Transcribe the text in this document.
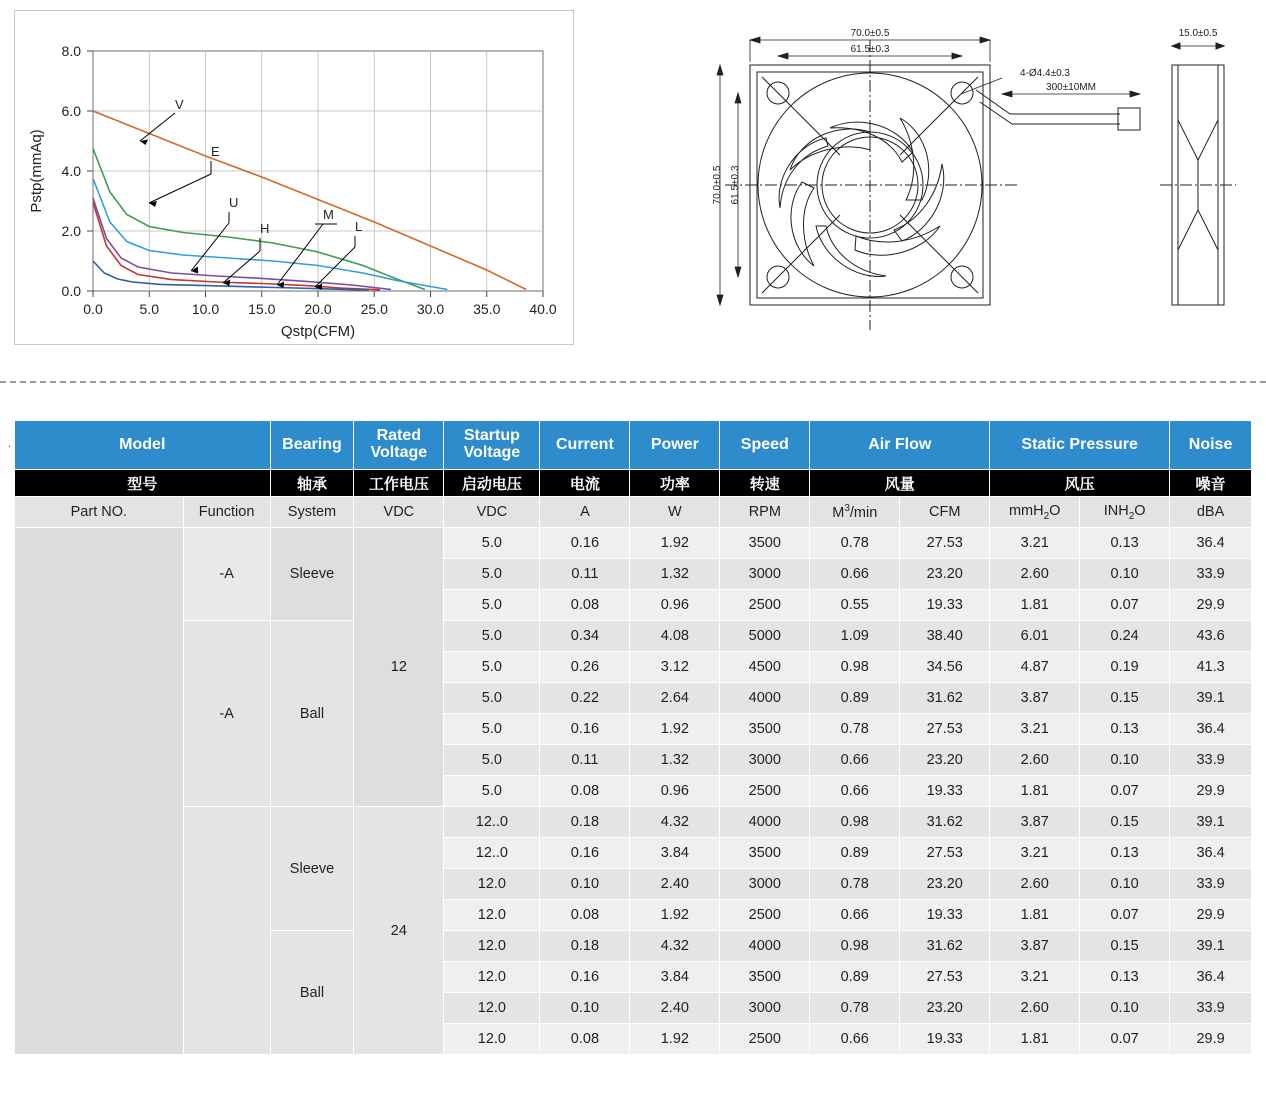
0.0	5.0 10.0 15.0 20.0 25.0 30.0 35.0 40.0
0.0
2.0
4.0
6.0
8.0
Qstp(CFM)
Pstp(mmAq)
V
E
U
H
M
L
70.0±0.5
61.5±0.3
4-Ø4.4±0.3
300±10MM
70.0±0.5 61.5±0.3
15.0±0.5
.	Model		Bearing	Rated
Voltage	Startup
Voltage	Current	Power	Speed	Air Flow		Static Pressure		Noise
型号		轴承	工作电压	启动电压	电流	功率	转速	风量		风压		噪音
Part NO.	Function	System	VDC	VDC	A	W	RPM	$M^3/\min$	CFM	mmH$_2$O	$INH_2O$	dBA
	-A	Sleeve	12	5.0	0.16	1.92	3500	0.78	27.53	3.21	0.13	36.4
				5.0	0.11	1.32	3000	0.66	23.20	2.60	0.10	33.9
				5.0	0.08	0.96	2500	0.55	19.33	1.81	0.07	29.9
	-A	Ball		5.0	0.34	4.08	5000	1.09	38.40	6.01	0.24	43.6
				5.0	0.26	3.12	4500	0.98	34.56	4.87	0.19	41.3
				5.0	0.22	2.64	4000	0.89	31.62	3.87	0.15	39.1
				5.0	0.16	1.92	3500	0.78	27.53	3.21	0.13	36.4
				5.0	0.11	1.32	3000	0.66	23.20	2.60	0.10	33.9
				5.0	0.08	0.96	2500	0.66	19.33	1.81	0.07	29.9
		Sleeve	24	12..0	0.18	4.32	4000	0.98	31.62	3.87	0.15	39.1
				12..0	0.16	3.84	3500	0.89	27.53	3.21	0.13	36.4
				12.0	0.10	2.40	3000	0.78	23.20	2.60	0.10	33.9
				12.0	0.08	1.92	2500	0.66	19.33	1.81	0.07	29.9
		Ball		12.0	0.18	4.32	4000	0.98	31.62	3.87	0.15	39.1
				12.0	0.16	3.84	3500	0.89	27.53	3.21	0.13	36.4
				12.0	0.10	2.40	3000	0.78	23.20	2.60	0.10	33.9
				12.0	0.08	1.92	2500	0.66	19.33	1.81	0.07	29.9
